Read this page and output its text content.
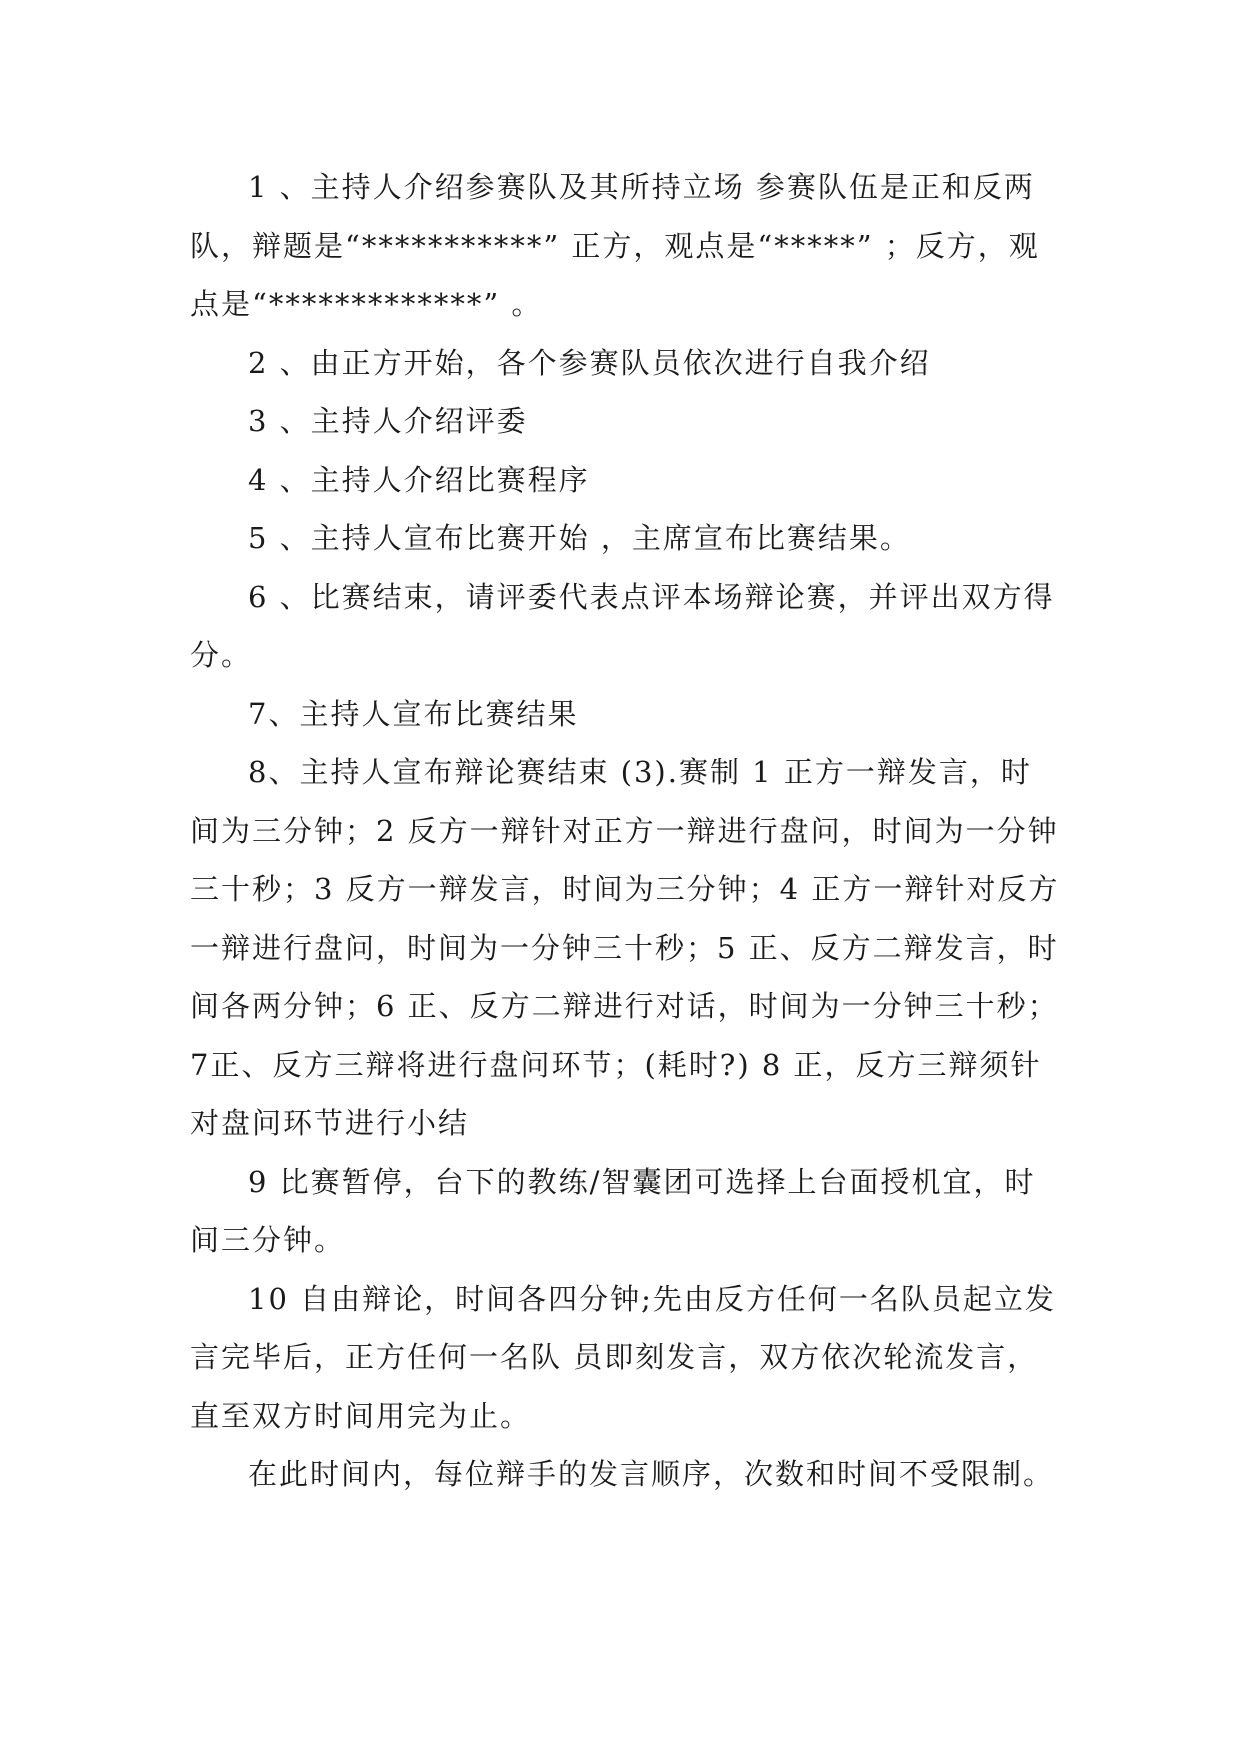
1 、主持人介绍参赛队及其所持立场 参赛队伍是正和反两队，辩题是“***********” 正方，观点是“*****” ；反方，观点是“*************” 。

2 、由正方开始，各个参赛队员依次进行自我介绍

3 、主持人介绍评委

4 、主持人介绍比赛程序

5 、主持人宣布比赛开始 ，主席宣布比赛结果。

6 、比赛结束，请评委代表点评本场辩论赛，并评出双方得分。

7、主持人宣布比赛结果

8、主持人宣布辩论赛结束 (3).赛制 1 正方一辩发言，时间为三分钟；2 反方一辩针对正方一辩进行盘问，时间为一分钟三十秒；3 反方一辩发言，时间为三分钟；4 正方一辩针对反方一辩进行盘问，时间为一分钟三十秒；5 正、反方二辩发言，时间各两分钟；6 正、反方二辩进行对话，时间为一分钟三十秒；7正、反方三辩将进行盘问环节；(耗时?) 8 正，反方三辩须针对盘问环节进行小结

9 比赛暂停，台下的教练/智囊团可选择上台面授机宜，时间三分钟。

10 自由辩论，时间各四分钟;先由反方任何一名队员起立发言完毕后，正方任何一名队 员即刻发言，双方依次轮流发言，直至双方时间用完为止。

在此时间内，每位辩手的发言顺序，次数和时间不受限制。
